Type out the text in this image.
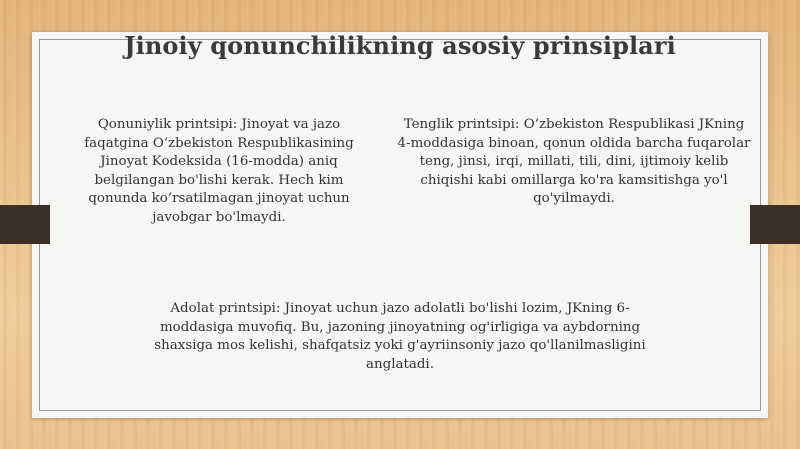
Jinoiy qonunchilikning asosiy prinsiplari
Qonuniylik printsipi: Jinoyat va jazo faqatgina O‘zbekiston Respublikasining Jinoyat Kodeksida (16-modda) aniq belgilangan bo'lishi kerak. Hech kim qonunda ko‘rsatilmagan jinoyat uchun javobgar bo'lmaydi.
Tenglik printsipi: O‘zbekiston Respublikasi JKning 4-moddasiga binoan, qonun oldida barcha fuqarolar teng, jinsi, irqi, millati, tili, dini, ijtimoiy kelib chiqishi kabi omillarga ko'ra kamsitishga yo'l qo'yilmaydi.
Adolat printsipi: Jinoyat uchun jazo adolatli bo'lishi lozim, JKning 6-moddasiga muvofiq. Bu, jazoning jinoyatning og'irligiga va aybdorning shaxsiga mos kelishi, shafqatsiz yoki g'ayriinsoniy jazo qo'llanilmasligini anglatadi.
